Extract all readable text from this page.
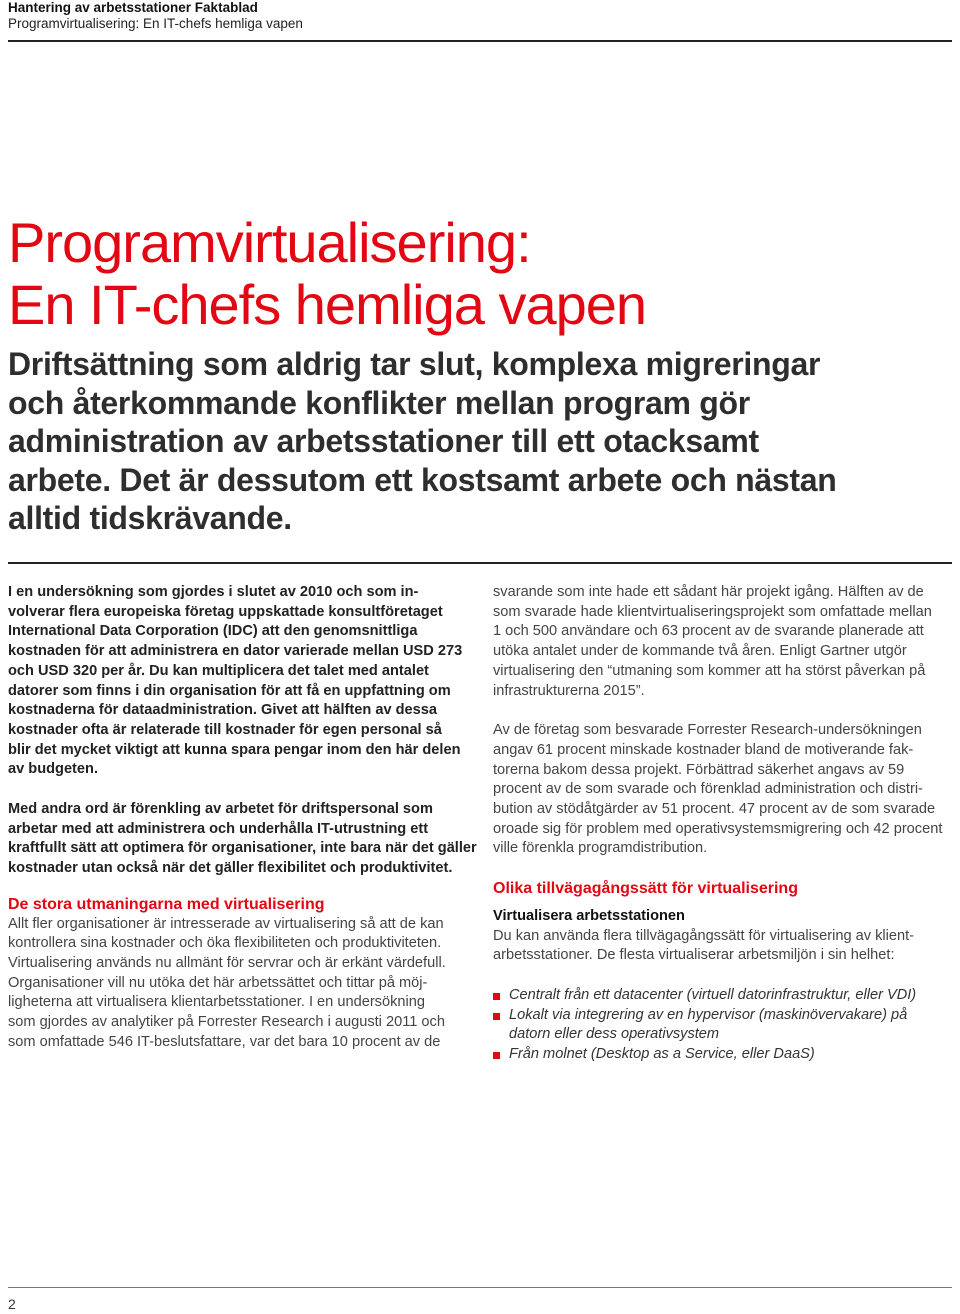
Hantering av arbetsstationer Faktablad
Programvirtualisering: En IT-chefs hemliga vapen
Programvirtualisering:
En IT-chefs hemliga vapen
Driftsättning som aldrig tar slut, komplexa migreringar
och återkommande konflikter mellan program gör
administration av arbetsstationer till ett otacksamt
arbete. Det är dessutom ett kostsamt arbete och nästan
alltid tidskrävande.
I en undersökning som gjordes i slutet av 2010 och som in-
volverar flera europeiska företag uppskattade konsultföretaget
International Data Corporation (IDC) att den genomsnittliga
kostnaden för att administrera en dator varierade mellan USD 273
och USD 320 per år. Du kan multiplicera det talet med antalet
datorer som finns i din organisation för att få en uppfattning om
kostnaderna för dataadministration. Givet att hälften av dessa
kostnader ofta är relaterade till kostnader för egen personal så
blir det mycket viktigt att kunna spara pengar inom den här delen
av budgeten.
Med andra ord är förenkling av arbetet för driftspersonal som
arbetar med att administrera och underhålla IT-utrustning ett
kraftfullt sätt att optimera för organisationer, inte bara när det gäller
kostnader utan också när det gäller flexibilitet och produktivitet.
De stora utmaningarna med virtualisering
Allt fler organisationer är intresserade av virtualisering så att de kan
kontrollera sina kostnader och öka flexibiliteten och produktiviteten.
Virtualisering används nu allmänt för servrar och är erkänt värdefull.
Organisationer vill nu utöka det här arbetssättet och tittar på möj-
ligheterna att virtualisera klientarbetsstationer. I en undersökning
som gjordes av analytiker på Forrester Research i augusti 2011 och
som omfattade 546 IT-beslutsfattare, var det bara 10 procent av de
svarande som inte hade ett sådant här projekt igång. Hälften av de
som svarade hade klientvirtualiseringsprojekt som omfattade mellan
1 och 500 användare och 63 procent av de svarande planerade att
utöka antalet under de kommande två åren. Enligt Gartner utgör
virtualisering den “utmaning som kommer att ha störst påverkan på
infrastrukturerna 2015”.
Av de företag som besvarade Forrester Research-undersökningen
angav 61 procent minskade kostnader bland de motiverande fak-
torerna bakom dessa projekt. Förbättrad säkerhet angavs av 59
procent av de som svarade och förenklad administration och distri-
bution av stödåtgärder av 51 procent. 47 procent av de som svarade
oroade sig för problem med operativsystemsmigrering och 42 procent
ville förenkla programdistribution.
Olika tillvägagångssätt för virtualisering
Virtualisera arbetsstationen
Du kan använda flera tillvägagångssätt för virtualisering av klient-
arbetsstationer. De flesta virtualiserar arbetsmiljön i sin helhet:
Centralt från ett datacenter (virtuell datorinfrastruktur, eller VDI)
Lokalt via integrering av en hypervisor (maskinövervakare) på
datorn eller dess operativsystem
Från molnet (Desktop as a Service, eller DaaS)
2
